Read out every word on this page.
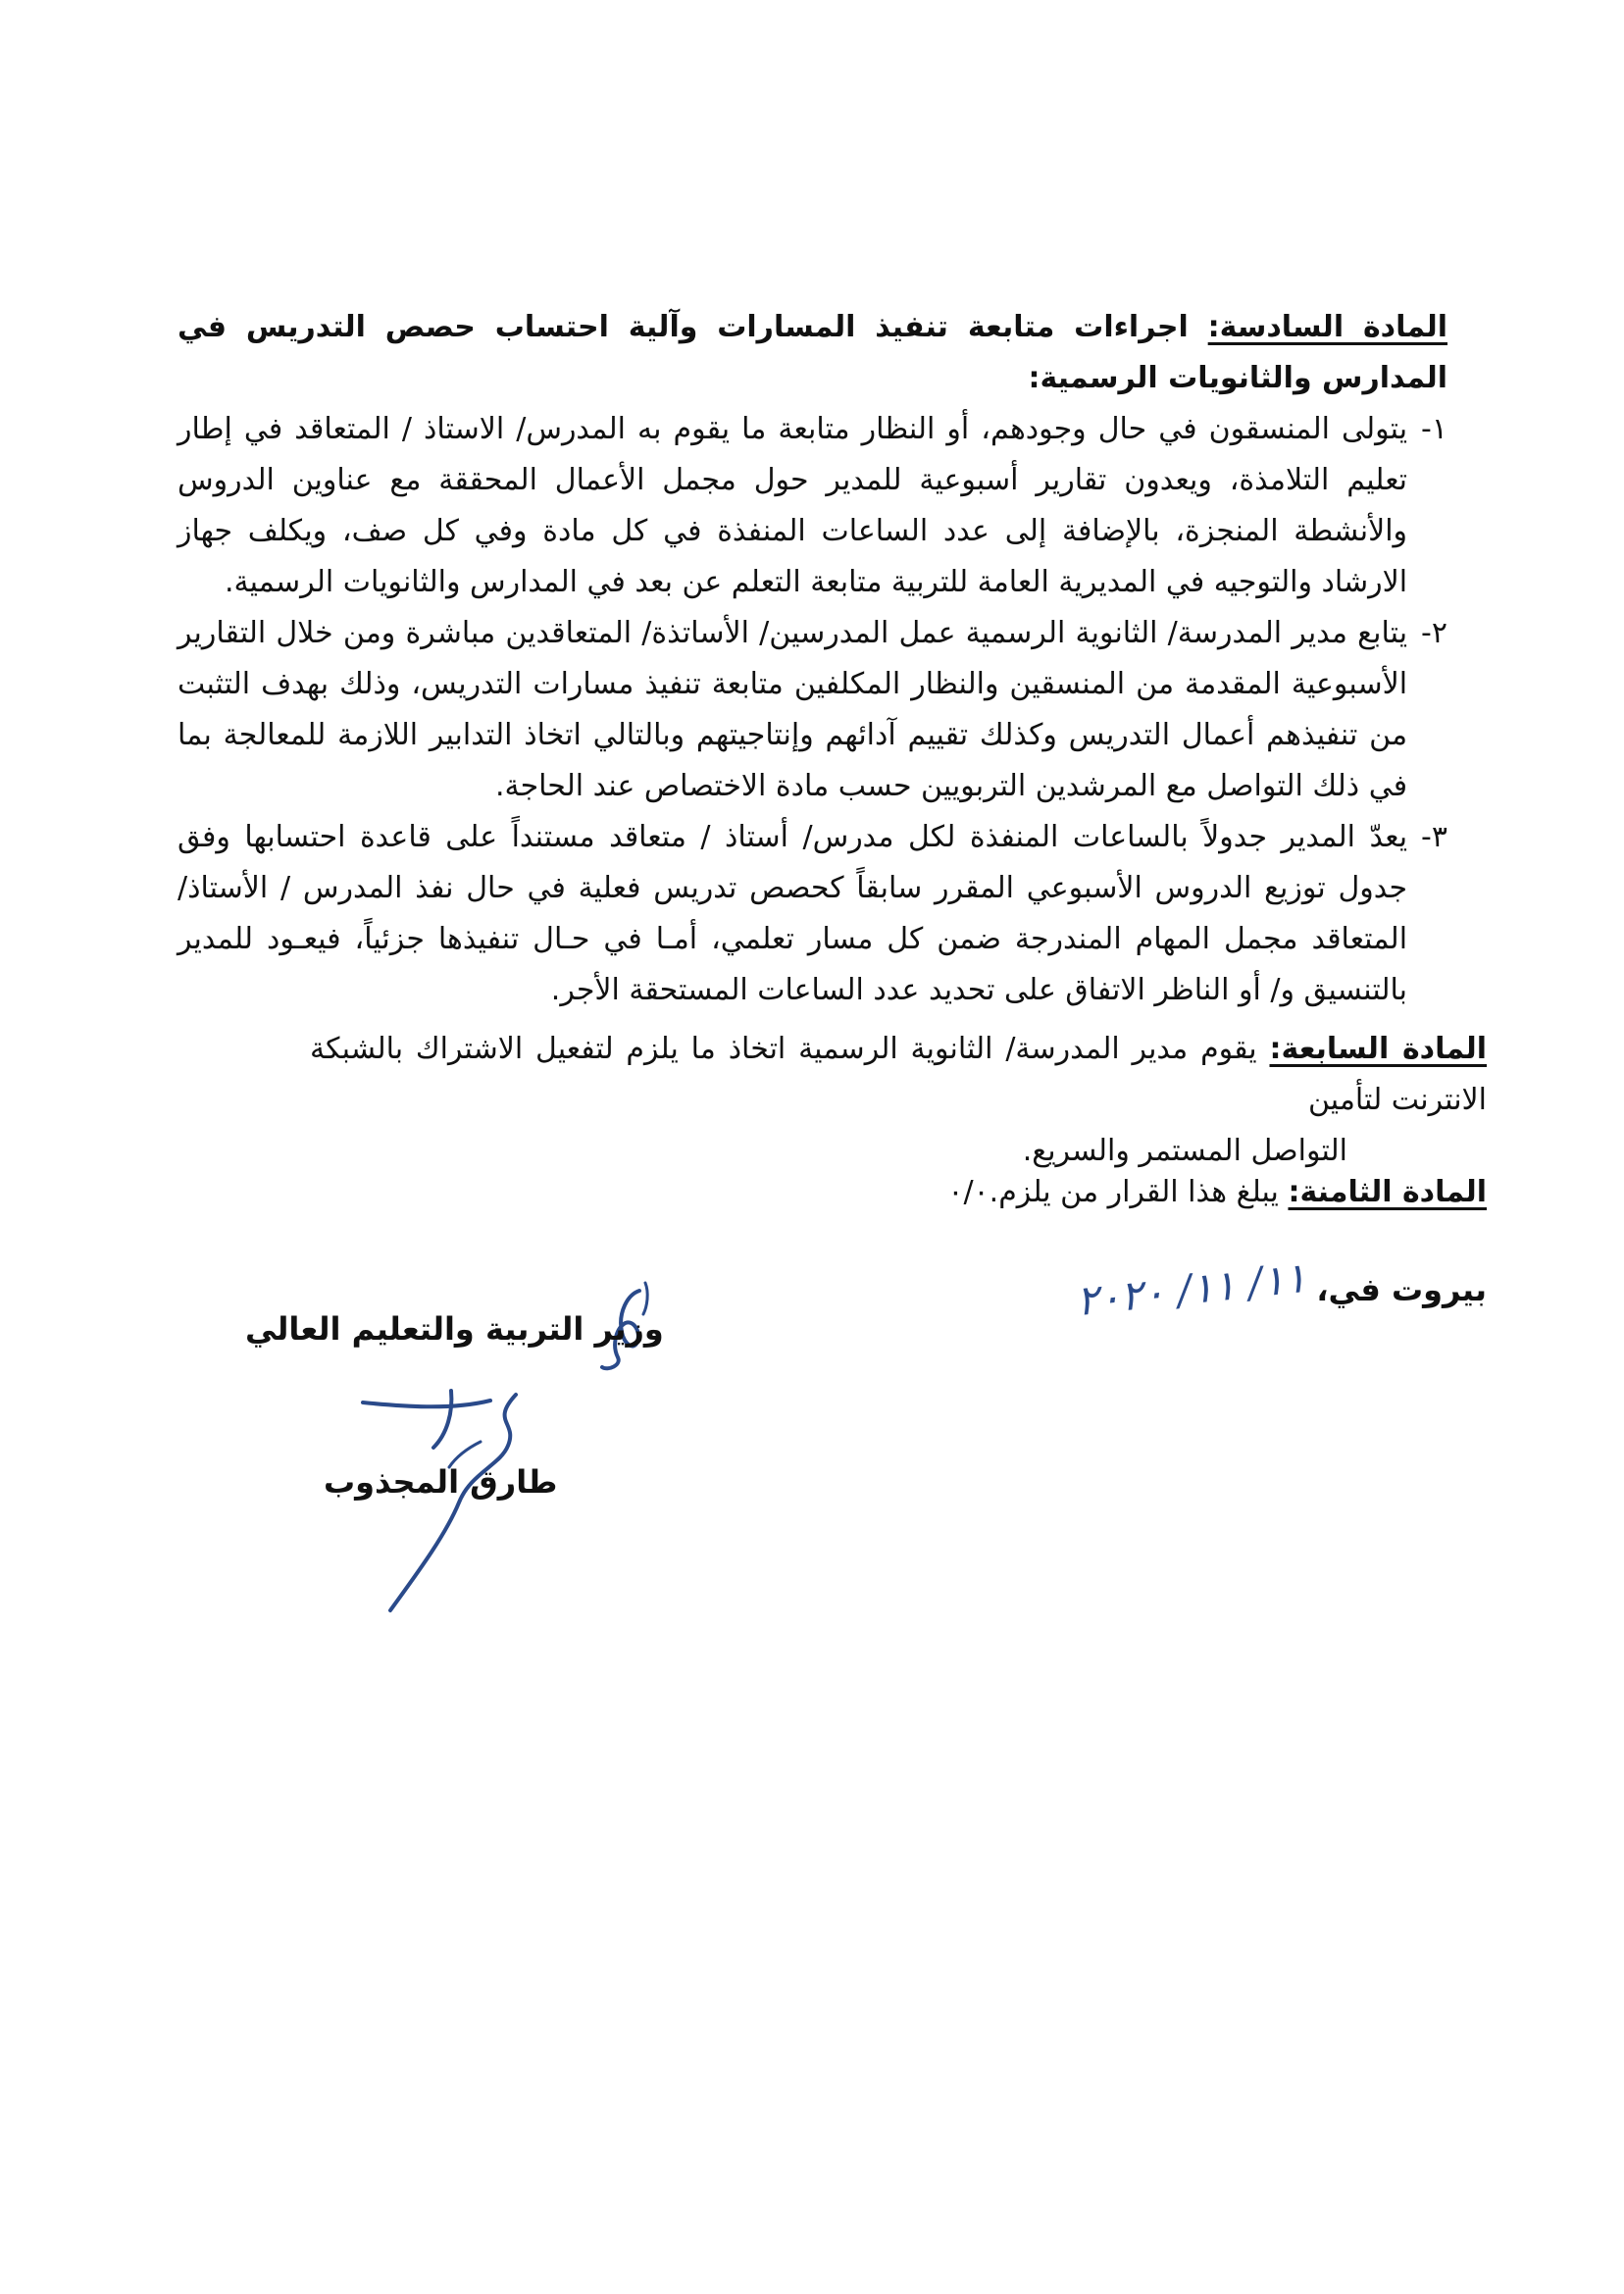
المادة السادسة: اجراءات متابعة تنفيذ المسارات وآلية احتساب حصص التدريس في المدارس والثانويات الرسمية:
١-
يتولى المنسقون في حال وجودهم، أو النظار متابعة ما يقوم به المدرس/ الاستاذ / المتعاقد في إطار تعليم التلامذة، ويعدون تقارير أسبوعية للمدير حول مجمل الأعمال المحققة مع عناوين الدروس والأنشطة المنجزة، بالإضافة إلى عدد الساعات المنفذة في كل مادة وفي كل صف، ويكلف جهاز الارشاد والتوجيه في المديرية العامة للتربية متابعة التعلم عن بعد في المدارس والثانويات الرسمية.
٢-
يتابع مدير المدرسة/ الثانوية الرسمية عمل المدرسين/ الأساتذة/ المتعاقدين مباشرة ومن خلال التقارير الأسبوعية المقدمة من المنسقين والنظار المكلفين متابعة تنفيذ مسارات التدريس، وذلك بهدف التثبت من تنفيذهم أعمال التدريس وكذلك تقييم آدائهم وإنتاجيتهم وبالتالي اتخاذ التدابير اللازمة للمعالجة بما في ذلك التواصل مع المرشدين التربويين حسب مادة الاختصاص عند الحاجة.
٣-
يعدّ المدير جدولاً بالساعات المنفذة لكل مدرس/ أستاذ / متعاقد مستنداً على قاعدة احتسابها وفق جدول توزيع الدروس الأسبوعي المقرر سابقاً كحصص تدريس فعلية في حال نفذ المدرس / الأستاذ/ المتعاقد مجمل المهام المندرجة ضمن كل مسار تعلمي، أمـا في حـال تنفيذها جزئياً، فيعـود للمدير بالتنسيق و/ أو الناظر الاتفاق على تحديد عدد الساعات المستحقة الأجر.
المادة السابعة: يقوم مدير المدرسة/ الثانوية الرسمية اتخاذ ما يلزم لتفعيل الاشتراك بالشبكة الانترنت لتأمين
التواصل المستمر والسريع.
المادة الثامنة: يبلغ هذا القرار من يلزم.٠/٠
بيروت في،
١١/ ١١/ ٢٠٢٠
وزير التربية والتعليم العالي
طارق المجذوب
